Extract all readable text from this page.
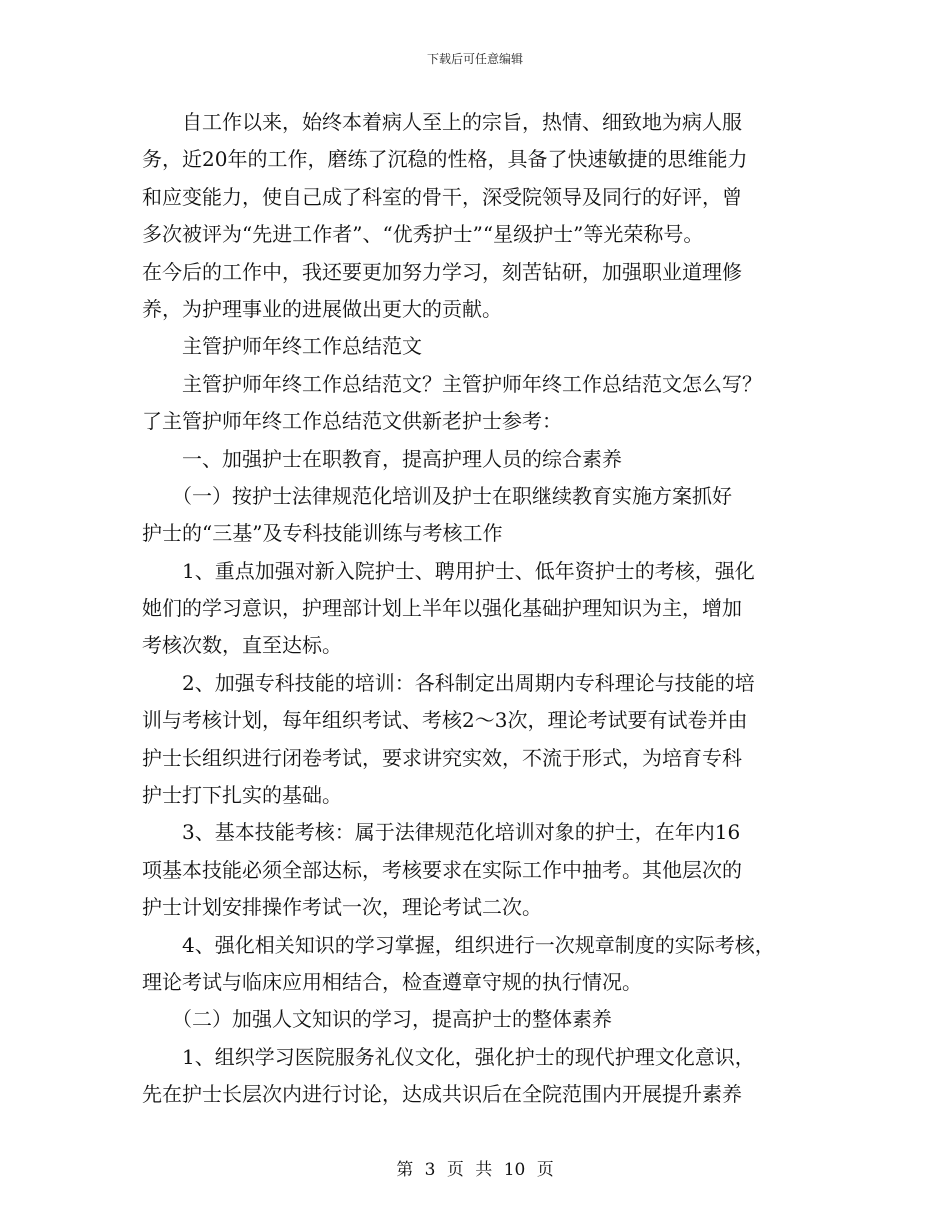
下载后可任意编辑
　　自工作以来，始终本着病人至上的宗旨，热情、细致地为病人服
务，近20年的工作，磨练了沉稳的性格，具备了快速敏捷的思维能力
和应变能力，使自己成了科室的骨干，深受院领导及同行的好评，曾
多次被评为“先进工作者”、“优秀护士”“星级护士”等光荣称号。
在今后的工作中，我还要更加努力学习，刻苦钻研，加强职业道理修
养，为护理事业的进展做出更大的贡献。
　　主管护师年终工作总结范文
　　主管护师年终工作总结范文？主管护师年终工作总结范文怎么写？
了主管护师年终工作总结范文供新老护士参考：
　　一、加强护士在职教育，提高护理人员的综合素养
　　（一）按护士法律规范化培训及护士在职继续教育实施方案抓好
护士的“三基”及专科技能训练与考核工作
　　1、重点加强对新入院护士、聘用护士、低年资护士的考核，强化
她们的学习意识，护理部计划上半年以强化基础护理知识为主，增加
考核次数，直至达标。
　　2、加强专科技能的培训：各科制定出周期内专科理论与技能的培
训与考核计划，每年组织考试、考核2～3次，理论考试要有试卷并由
护士长组织进行闭卷考试，要求讲究实效，不流于形式，为培育专科
护士打下扎实的基础。
　　3、基本技能考核：属于法律规范化培训对象的护士，在年内16
项基本技能必须全部达标，考核要求在实际工作中抽考。其他层次的
护士计划安排操作考试一次，理论考试二次。
　　4、强化相关知识的学习掌握，组织进行一次规章制度的实际考核，
理论考试与临床应用相结合，检查遵章守规的执行情况。
　　（二）加强人文知识的学习，提高护士的整体素养
　　1、组织学习医院服务礼仪文化，强化护士的现代护理文化意识，
先在护士长层次内进行讨论，达成共识后在全院范围内开展提升素养
第 3 页 共 10 页
